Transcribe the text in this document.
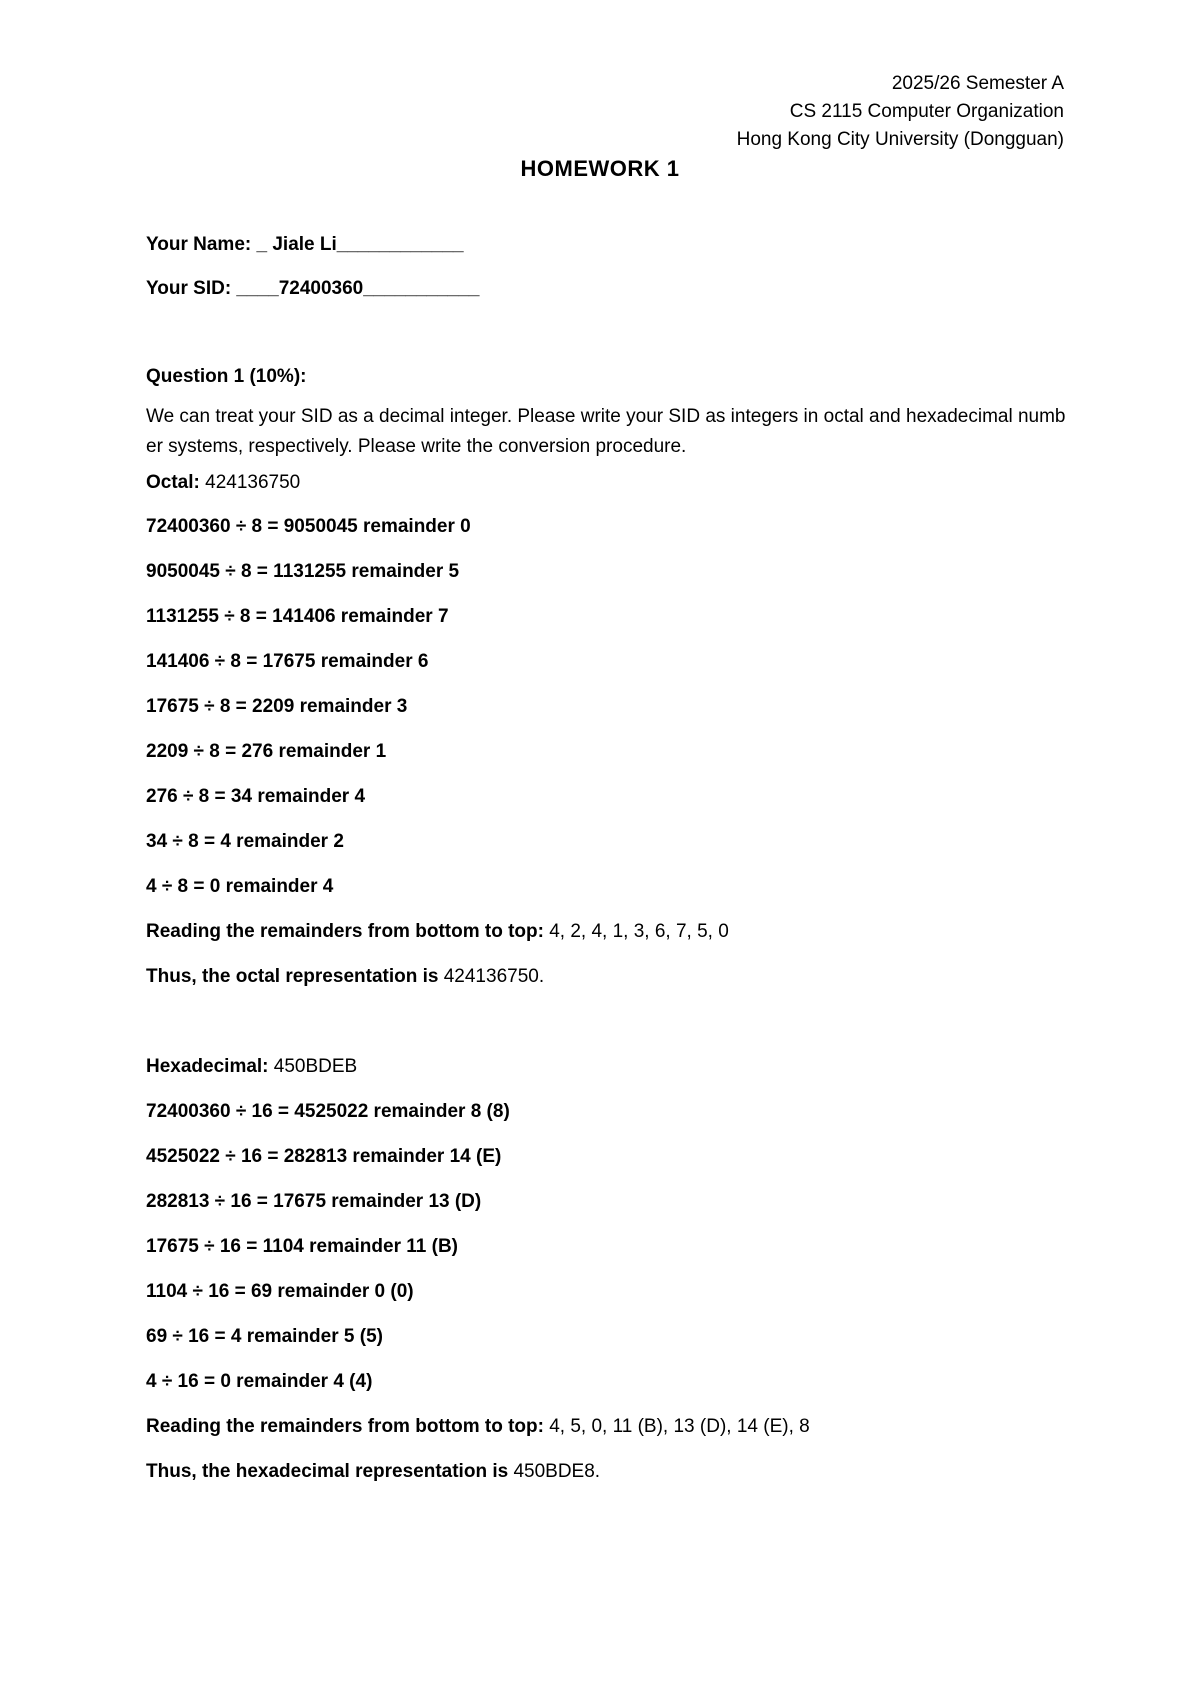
2025/26 Semester A
CS 2115 Computer Organization
Hong Kong City University (Dongguan)
HOMEWORK 1
Your Name: _ Jiale Li____________
Your SID: ____72400360___________
Question 1 (10%):
We can treat your SID as a decimal integer. Please write your SID as integers in octal and hexadecimal number systems, respectively. Please write the conversion procedure.
Octal: 424136750
72400360 ÷ 8 = 9050045 remainder 0
9050045 ÷ 8 = 1131255 remainder 5
1131255 ÷ 8 = 141406 remainder 7
141406 ÷ 8 = 17675 remainder 6
17675 ÷ 8 = 2209 remainder 3
2209 ÷ 8 = 276 remainder 1
276 ÷ 8 = 34 remainder 4
34 ÷ 8 = 4 remainder 2
4 ÷ 8 = 0 remainder 4
Reading the remainders from bottom to top: 4, 2, 4, 1, 3, 6, 7, 5, 0
Thus, the octal representation is 424136750.
Hexadecimal: 450BDEB
72400360 ÷ 16 = 4525022 remainder 8 (8)
4525022 ÷ 16 = 282813 remainder 14 (E)
282813 ÷ 16 = 17675 remainder 13 (D)
17675 ÷ 16 = 1104 remainder 11 (B)
1104 ÷ 16 = 69 remainder 0 (0)
69 ÷ 16 = 4 remainder 5 (5)
4 ÷ 16 = 0 remainder 4 (4)
Reading the remainders from bottom to top: 4, 5, 0, 11 (B), 13 (D), 14 (E), 8
Thus, the hexadecimal representation is 450BDE8.
